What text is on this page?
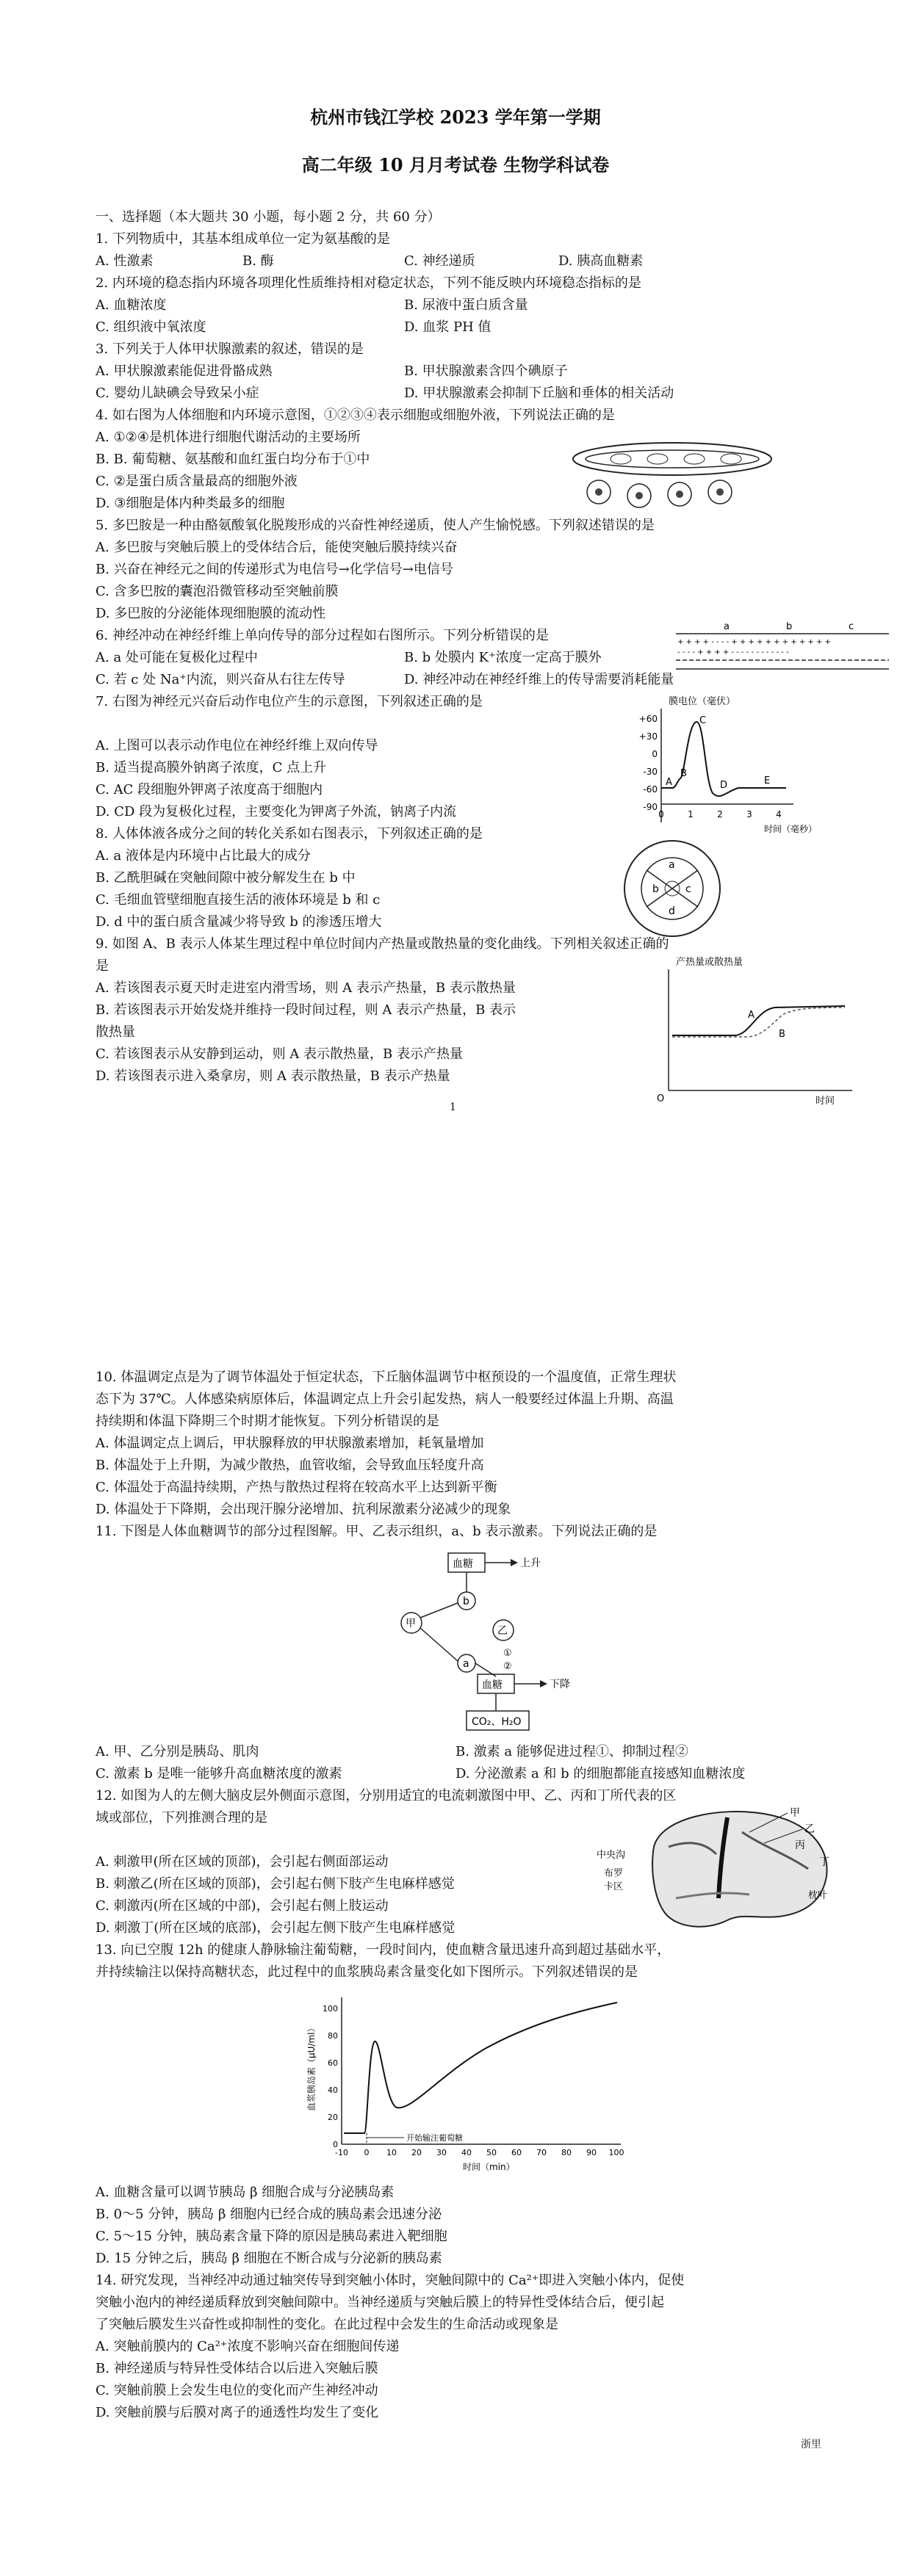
杭州市钱江学校 2023 学年第一学期
高二年级 10 月月考试卷 生物学科试卷
一、选择题（本大题共 30 小题，每小题 2 分，共 60 分）
1. 下列物质中，其基本组成单位一定为氨基酸的是
A. 性激素	B. 酶	C. 神经递质	D. 胰高血糖素
2. 内环境的稳态指内环境各项理化性质维持相对稳定状态，下列不能反映内环境稳态指标的是
A. 血糖浓度	B. 尿液中蛋白质含量
C. 组织液中氧浓度	D. 血浆 PH 值
3. 下列关于人体甲状腺激素的叙述，错误的是
A. 甲状腺激素能促进骨骼成熟	B. 甲状腺激素含四个碘原子
C. 婴幼儿缺碘会导致呆小症	D. 甲状腺激素会抑制下丘脑和垂体的相关活动
4. 如右图为人体细胞和内环境示意图，①②③④表示细胞或细胞外液，下列说法正确的是
A. ①②④是机体进行细胞代谢活动的主要场所
B. B. 葡萄糖、氨基酸和血红蛋白均分布于①中
C. ②是蛋白质含量最高的细胞外液
D. ③细胞是体内种类最多的细胞
5. 多巴胺是一种由酪氨酸氧化脱羧形成的兴奋性神经递质，使人产生愉悦感。下列叙述错误的是
A. 多巴胺与突触后膜上的受体结合后，能使突触后膜持续兴奋
B. 兴奋在神经元之间的传递形式为电信号→化学信号→电信号
C. 含多巴胺的囊泡沿微管移动至突触前膜
D. 多巴胺的分泌能体现细胞膜的流动性
6. 神经冲动在神经纤维上单向传导的部分过程如右图所示。下列分析错误的是
a	b	c
+ + + + - - - - + + + + + + + + + + + +
- - - - + + + + - - - - - - - - - - - -
A. a 处可能在复极化过程中	B. b 处膜内 K⁺浓度一定高于膜外
C. 若 c 处 Na⁺内流，则兴奋从右往左传导	D. 神经冲动在神经纤维上的传导需要消耗能量
7. 右图为神经元兴奋后动作电位产生的示意图，下列叙述正确的是
A. 上图可以表示动作电位在神经纤维上双向传导
B. 适当提高膜外钠离子浓度，C 点上升
C. AC 段细胞外钾离子浓度高于细胞内
D. CD 段为复极化过程，主要变化为钾离子外流，钠离子内流
膜电位（毫伏）
+60
+30
0
-30
-60
-90
0	1	2	3	4
时间（毫秒）
A
B
C
D	E
8. 人体体液各成分之间的转化关系如右图表示，下列叙述正确的是
A. a 液体是内环境中占比最大的成分
B. 乙酰胆碱在突触间隙中被分解发生在 b 中
C. 毛细血管壁细胞直接生活的液体环境是 b 和 c
D. d 中的蛋白质含量减少将导致 b 的渗透压增大
a
b	c
d
9. 如图 A、B 表示人体某生理过程中单位时间内产热量或散热量的变化曲线。下列相关叙述正确的
是
A. 若该图表示夏天时走进室内滑雪场，则 A 表示产热量，B 表示散热量
B. 若该图表示开始发烧并维持一段时间过程，则 A 表示产热量，B 表示
散热量
C. 若该图表示从安静到运动，则 A 表示散热量，B 表示产热量
D. 若该图表示进入桑拿房，则 A 表示散热量，B 表示产热量
产热量或散热量
O	时间
A
B
1
10. 体温调定点是为了调节体温处于恒定状态，下丘脑体温调节中枢预设的一个温度值，正常生理状
态下为 37℃。人体感染病原体后，体温调定点上升会引起发热，病人一般要经过体温上升期、高温
持续期和体温下降期三个时期才能恢复。下列分析错误的是
A. 体温调定点上调后，甲状腺释放的甲状腺激素增加，耗氧量增加
B. 体温处于上升期，为减少散热，血管收缩，会导致血压轻度升高
C. 体温处于高温持续期，产热与散热过程将在较高水平上达到新平衡
D. 体温处于下降期，会出现汗腺分泌增加、抗利尿激素分泌减少的现象
11. 下图是人体血糖调节的部分过程图解。甲、乙表示组织，a、b 表示激素。下列说法正确的是
血糖	上升
甲
b
a
乙
①
②
血糖	下降
CO₂、H₂O
A. 甲、乙分别是胰岛、肌肉	B. 激素 a 能够促进过程①、抑制过程②
C. 激素 b 是唯一能够升高血糖浓度的激素	D. 分泌激素 a 和 b 的细胞都能直接感知血糖浓度
12. 如图为人的左侧大脑皮层外侧面示意图，分别用适宜的电流刺激图中甲、乙、丙和丁所代表的区
域或部位，下列推测合理的是
A. 刺激甲(所在区域的顶部)，会引起右侧面部运动
B. 刺激乙(所在区域的顶部)，会引起右侧下肢产生电麻样感觉
C. 刺激丙(所在区域的中部)，会引起右侧上肢运动
D. 刺激丁(所在区域的底部)，会引起左侧下肢产生电麻样感觉
甲
乙
丙
丁
中央沟
布罗
卡区
枕叶
13. 向已空腹 12h 的健康人静脉输注葡萄糖，一段时间内，使血糖含量迅速升高到超过基础水平，
并持续输注以保持高糖状态，此过程中的血浆胰岛素含量变化如下图所示。下列叙述错误的是
血浆胰岛素（μU/ml）
0
20
40
60
80
100
-10 0 10 20 30 40 50 60 70 80 90 100
时间（min）
开始输注葡萄糖
A. 血糖含量可以调节胰岛 β 细胞合成与分泌胰岛素
B. 0～5 分钟，胰岛 β 细胞内已经合成的胰岛素会迅速分泌
C. 5～15 分钟，胰岛素含量下降的原因是胰岛素进入靶细胞
D. 15 分钟之后，胰岛 β 细胞在不断合成与分泌新的胰岛素
14. 研究发现，当神经冲动通过轴突传导到突触小体时，突触间隙中的 Ca²⁺即进入突触小体内，促使
突触小泡内的神经递质释放到突触间隙中。当神经递质与突触后膜上的特异性受体结合后，便引起
了突触后膜发生兴奋性或抑制性的变化。在此过程中会发生的生命活动或现象是
A. 突触前膜内的 Ca²⁺浓度不影响兴奋在细胞间传递
B. 神经递质与特异性受体结合以后进入突触后膜
C. 突触前膜上会发生电位的变化而产生神经冲动
D. 突触前膜与后膜对离子的通透性均发生了变化
浙里
